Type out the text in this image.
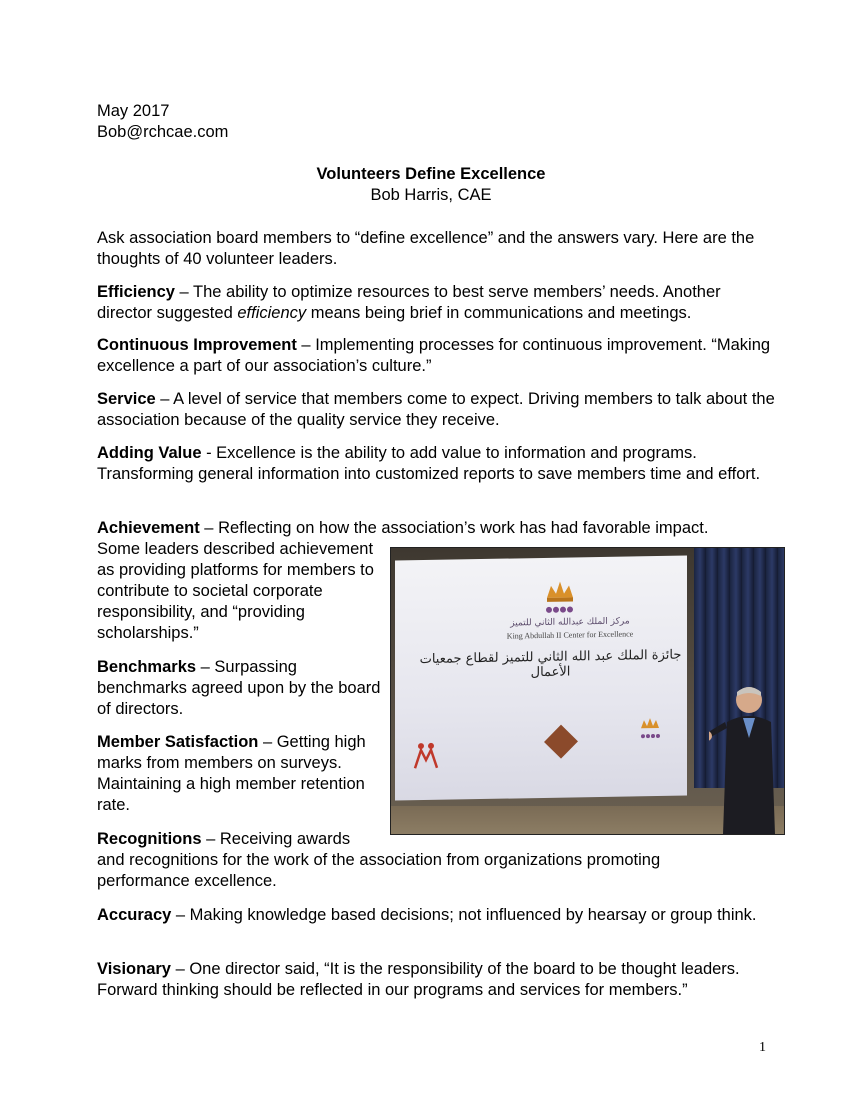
May 2017
Bob@rchcae.com
Volunteers Define Excellence
Bob Harris, CAE
Ask association board members to “define excellence” and the answers vary. Here are the thoughts of 40 volunteer leaders.
Efficiency – The ability to optimize resources to best serve members’ needs. Another director suggested efficiency means being brief in communications and meetings.
Continuous Improvement – Implementing processes for continuous improvement. “Making excellence a part of our association’s culture.”
Service – A level of service that members come to expect. Driving members to talk about the association because of the quality service they receive.
Adding Value - Excellence is the ability to add value to information and programs. Transforming general information into customized reports to save members time and effort.
Achievement – Reflecting on how the association’s work has had favorable impact.
Some leaders described achievement as providing platforms for members to contribute to societal corporate responsibility, and “providing scholarships.”
Benchmarks – Surpassing benchmarks agreed upon by the board of directors.
Member Satisfaction – Getting high marks from members on surveys. Maintaining a high member retention rate.
Recognitions – Receiving awards
and recognitions for the work of the association from organizations promoting performance excellence.
Accuracy – Making knowledge based decisions; not influenced by hearsay or group think.
Visionary – One director said, “It is the responsibility of the board to be thought leaders. Forward thinking should be reflected in our programs and services for members.”
مركز الملك عبدالله الثاني للتميز
King Abdullah II Center for Excellence
جائزة الملك عبد الله الثاني للتميز لقطاع جمعيات الأعمال
1
